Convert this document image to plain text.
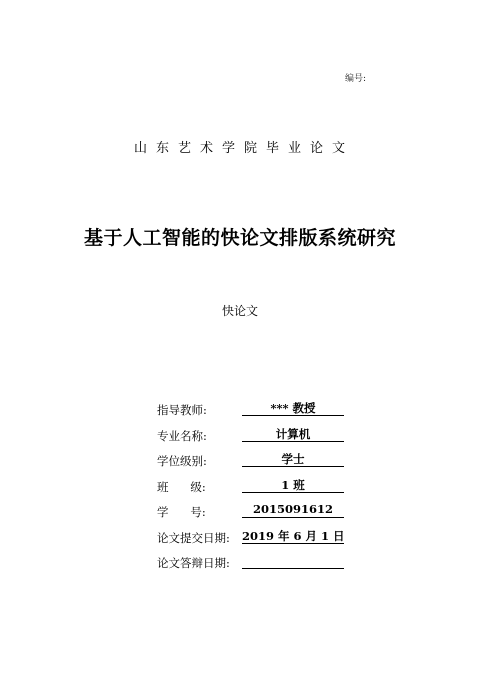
编号:
山东艺术学院毕业论文
基于人工智能的快论文排版系统研究
快论文
指导教师:	*** 教授
专业名称:	计算机
学位级别:	学士
班      级:	1 班
学      号:	2015091612
论文提交日期: 2019 年 6 月 1 日
论文答辩日期:
